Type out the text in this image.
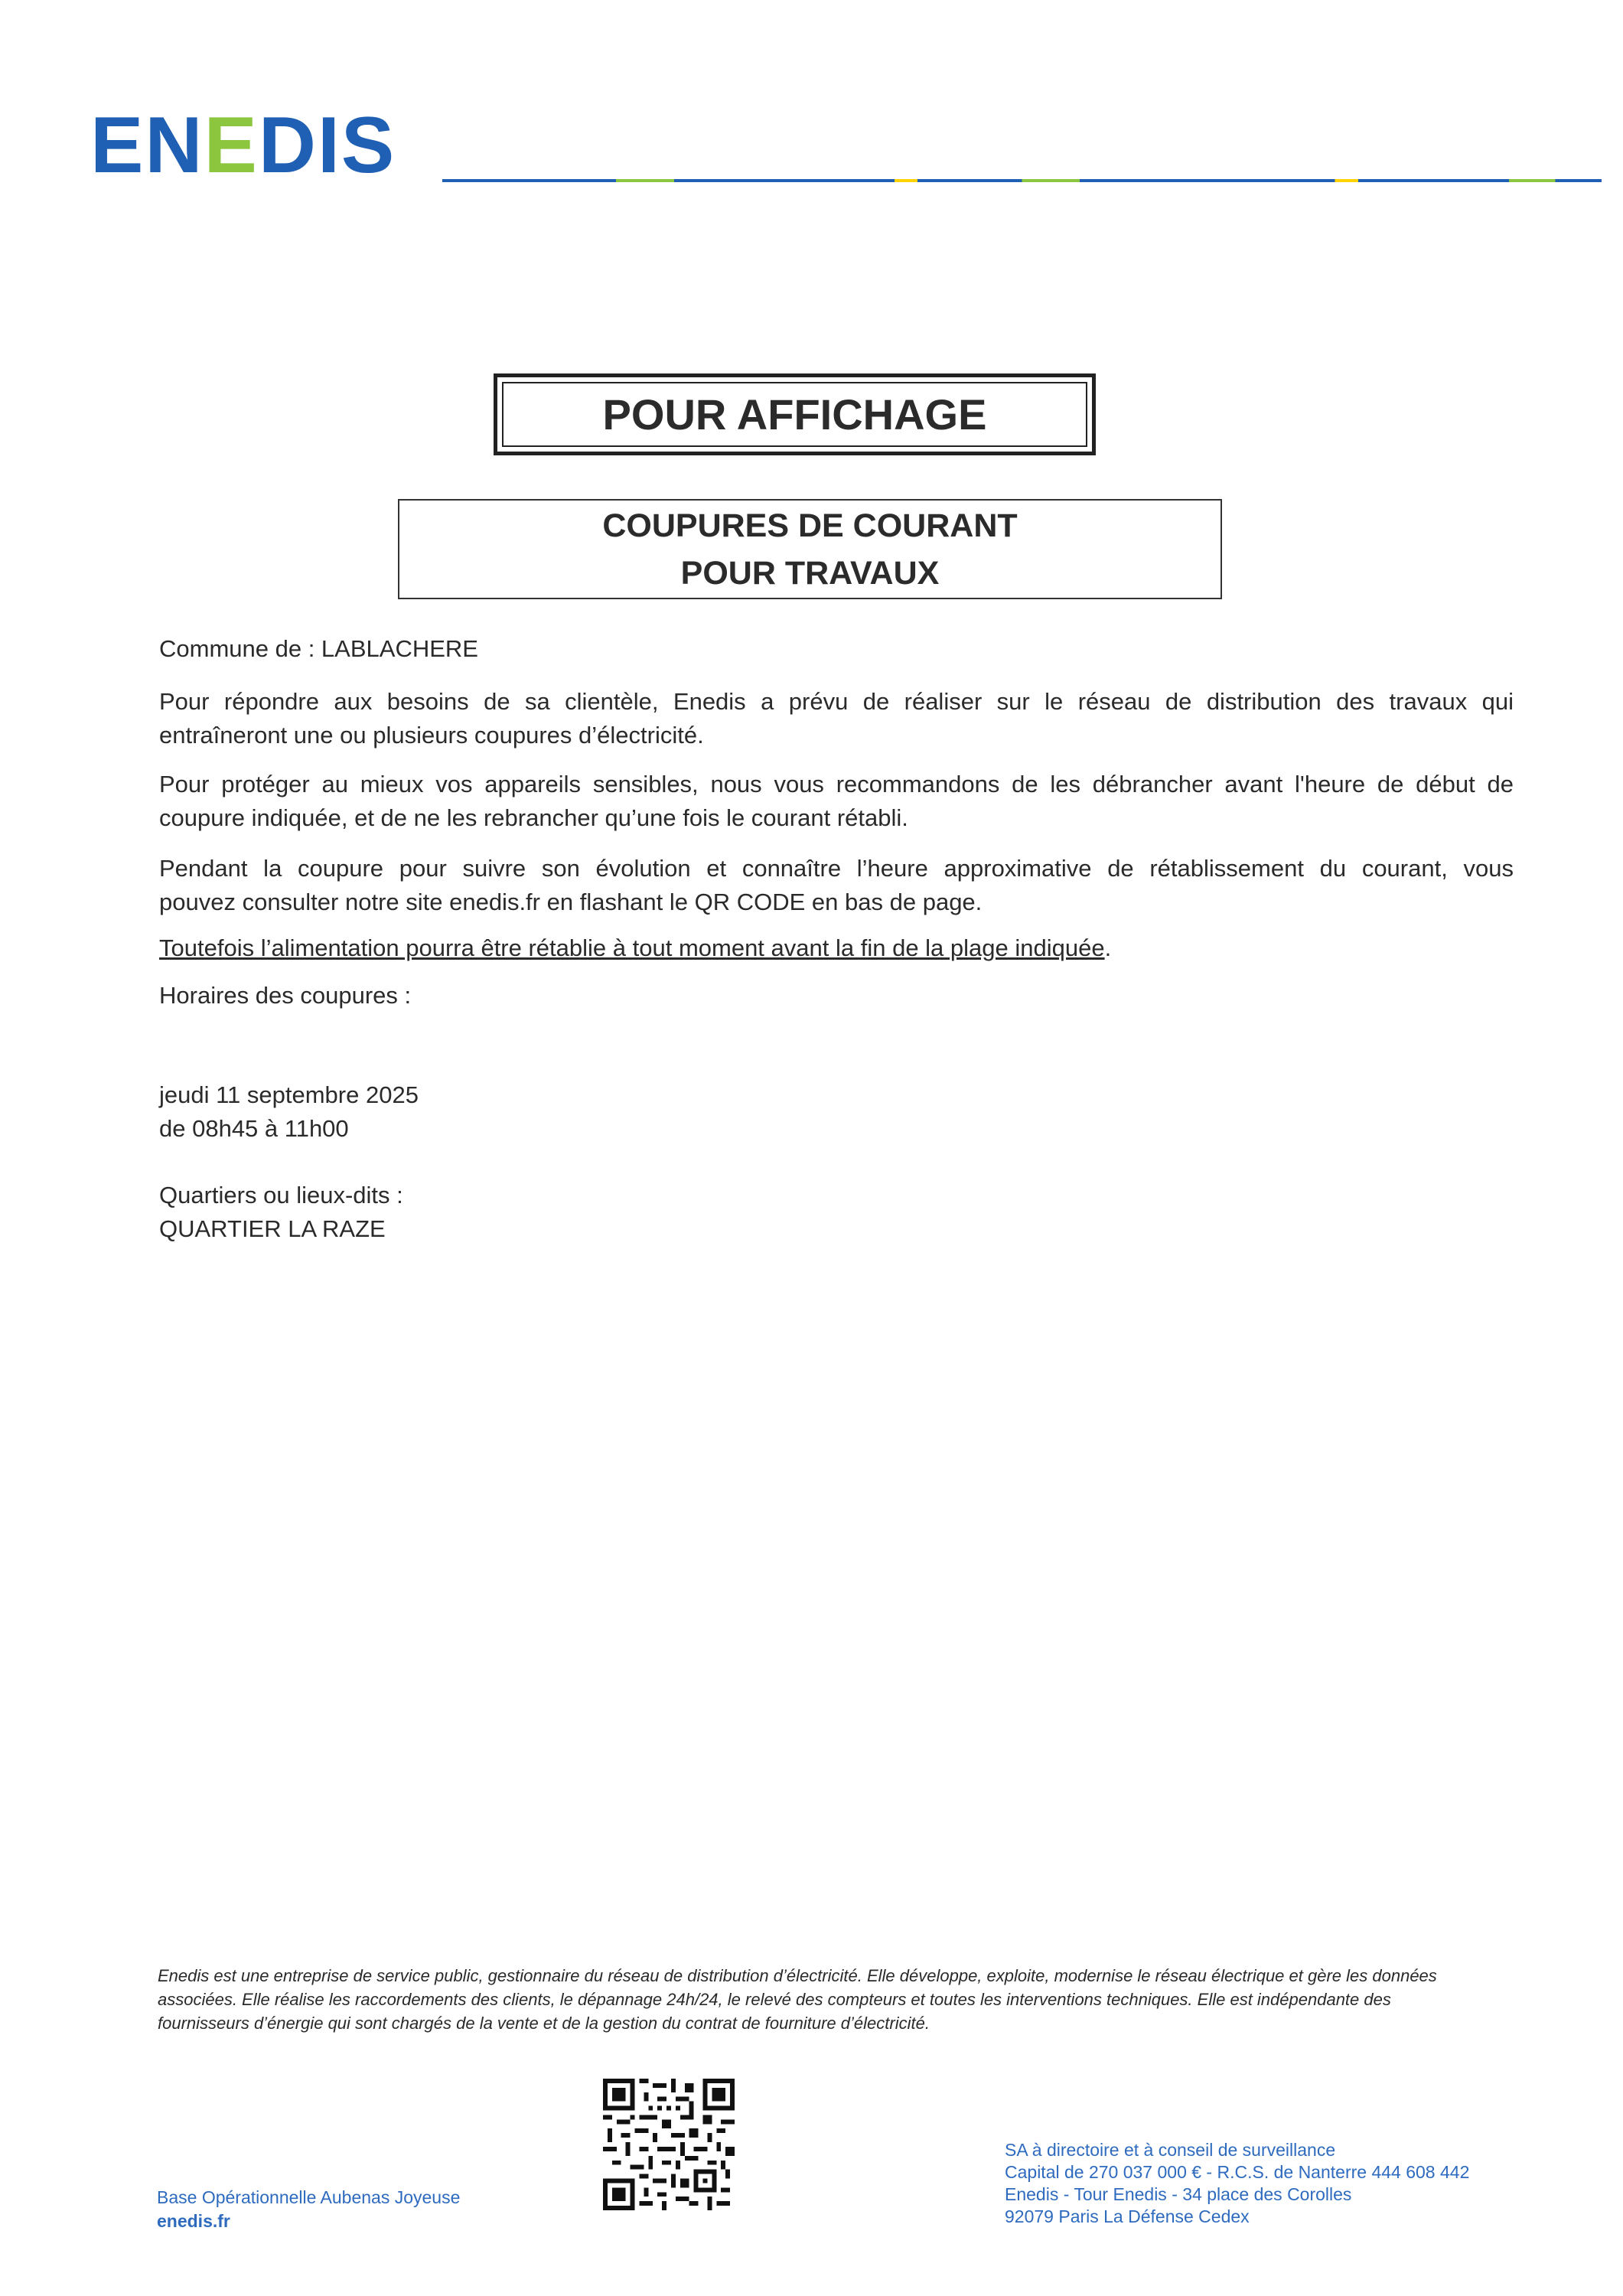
ENEDIS
POUR AFFICHAGE
COUPURES DE COURANT
POUR TRAVAUX
Commune de : LABLACHERE
Pour répondre aux besoins de sa clientèle, Enedis a prévu de réaliser sur le réseau de distribution des travaux qui
entraîneront une ou plusieurs coupures d’électricité.
Pour protéger au mieux vos appareils sensibles, nous vous recommandons de les débrancher avant l'heure de début de
coupure indiquée, et de ne les rebrancher qu’une fois le courant rétabli.
Pendant la coupure pour suivre son évolution et connaître l’heure approximative de rétablissement du courant, vous
pouvez consulter notre site enedis.fr en flashant le QR CODE en bas de page.
Toutefois l’alimentation pourra être rétablie à tout moment avant la fin de la plage indiquée.
Horaires des coupures :
jeudi 11 septembre 2025
de 08h45 à 11h00
Quartiers ou lieux-dits :
QUARTIER LA RAZE
Enedis est une entreprise de service public, gestionnaire du réseau de distribution d’électricité. Elle développe, exploite, modernise le réseau électrique et gère les données
associées. Elle réalise les raccordements des clients, le dépannage 24h/24, le relevé des compteurs et toutes les interventions techniques. Elle est indépendante des
fournisseurs d’énergie qui sont chargés de la vente et de la gestion du contrat de fourniture d’électricité.
Base Opérationnelle Aubenas Joyeuse
enedis.fr
SA à directoire et à conseil de surveillance
Capital de 270 037 000 € - R.C.S. de Nanterre 444 608 442
Enedis - Tour Enedis - 34 place des Corolles
92079 Paris La Défense Cedex
